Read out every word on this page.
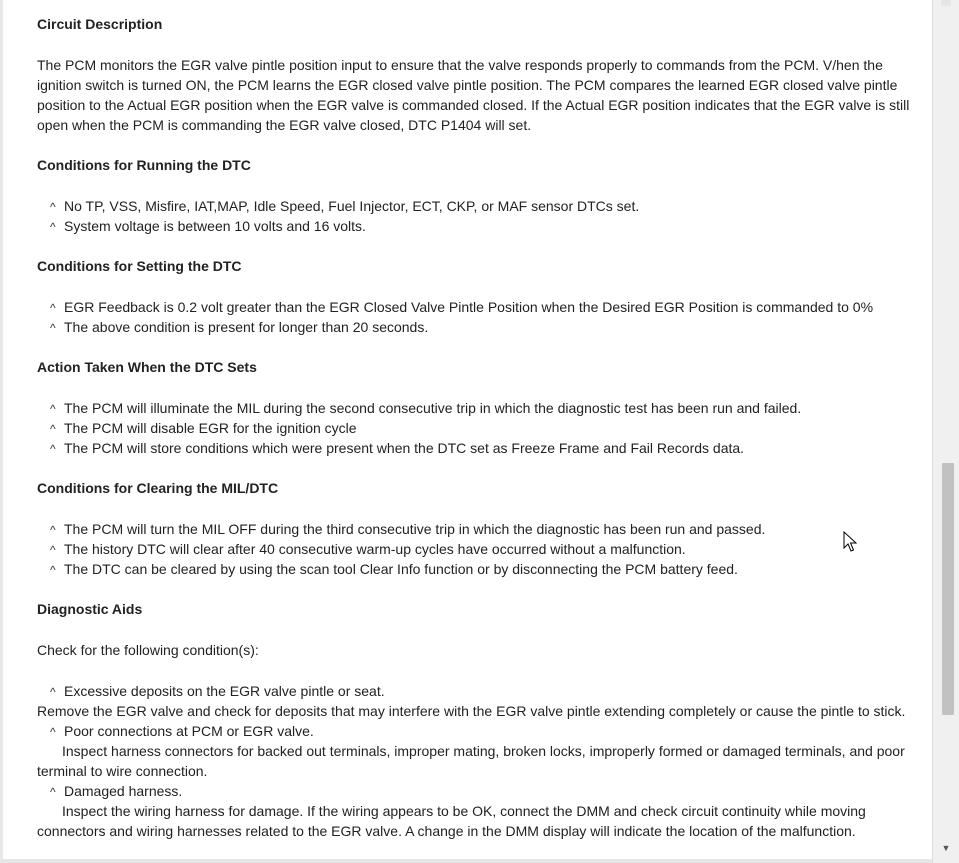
Circuit Description

The PCM monitors the EGR valve pintle position input to ensure that the valve responds properly to commands from the PCM. V/hen the ignition switch is turned ON, the PCM learns the EGR closed valve pintle position. The PCM compares the learned EGR closed valve pintle position to the Actual EGR position when the EGR valve is commanded closed. If the Actual EGR position indicates that the EGR valve is still open when the PCM is commanding the EGR valve closed, DTC P1404 will set.

Conditions for Running the DTC

^ No TP, VSS, Misfire, IAT,MAP, Idle Speed, Fuel Injector, ECT, CKP, or MAF sensor DTCs set.

^ System voltage is between 10 volts and 16 volts.

Conditions for Setting the DTC

^ EGR Feedback is 0.2 volt greater than the EGR Closed Valve Pintle Position when the Desired EGR Position is commanded to 0%

^ The above condition is present for longer than 20 seconds.

Action Taken When the DTC Sets

^ The PCM will illuminate the MIL during the second consecutive trip in which the diagnostic test has been run and failed.

^ The PCM will disable EGR for the ignition cycle

^ The PCM will store conditions which were present when the DTC set as Freeze Frame and Fail Records data.

Conditions for Clearing the MIL/DTC

^ The PCM will turn the MIL OFF during the third consecutive trip in which the diagnostic has been run and passed.

^ The history DTC will clear after 40 consecutive warm-up cycles have occurred without a malfunction.

^ The DTC can be cleared by using the scan tool Clear Info function or by disconnecting the PCM battery feed.

Diagnostic Aids

Check for the following condition(s):

^ Excessive deposits on the EGR valve pintle or seat.

Remove the EGR valve and check for deposits that may interfere with the EGR valve pintle extending completely or cause the pintle to stick.

^ Poor connections at PCM or EGR valve.

Inspect harness connectors for backed out terminals, improper mating, broken locks, improperly formed or damaged terminals, and poor terminal to wire connection.

^ Damaged harness.

Inspect the wiring harness for damage. If the wiring appears to be OK, connect the DMM and check circuit continuity while moving connectors and wiring harnesses related to the EGR valve. A change in the DMM display will indicate the location of the malfunction.

▼
